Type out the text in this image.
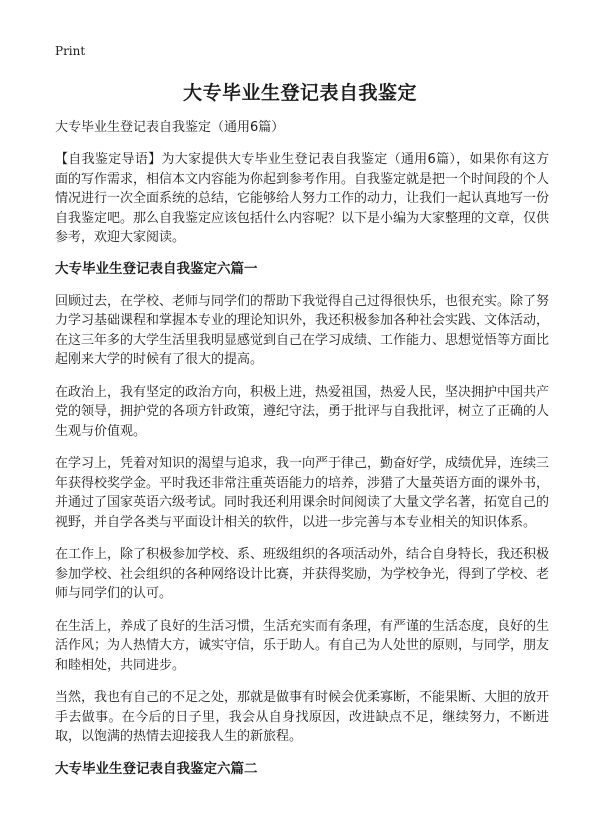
Print
大专毕业生登记表自我鉴定

大专毕业生登记表自我鉴定（通用6篇）

【自我鉴定导语】为大家提供大专毕业生登记表自我鉴定（通用6篇），如果你有这方面的写作需求，相信本文内容能为你起到参考作用。自我鉴定就是把一个时间段的个人情况进行一次全面系统的总结，它能够给人努力工作的动力，让我们一起认真地写一份自我鉴定吧。那么自我鉴定应该包括什么内容呢？以下是小编为大家整理的文章，仅供参考，欢迎大家阅读。

大专毕业生登记表自我鉴定六篇一

回顾过去，在学校、老师与同学们的帮助下我觉得自己过得很快乐，也很充实。除了努力学习基础课程和掌握本专业的理论知识外，我还积极参加各种社会实践、文体活动，在这三年多的大学生活里我明显感觉到自己在学习成绩、工作能力、思想觉悟等方面比起刚来大学的时候有了很大的提高。

在政治上，我有坚定的政治方向，积极上进，热爱祖国，热爱人民，坚决拥护中国共产党的领导，拥护党的各项方针政策，遵纪守法，勇于批评与自我批评，树立了正确的人生观与价值观。

在学习上，凭着对知识的渴望与追求，我一向严于律己，勤奋好学，成绩优异，连续三年获得校奖学金。平时我还非常注重英语能力的培养，涉猎了大量英语方面的课外书，并通过了国家英语六级考试。同时我还利用课余时间阅读了大量文学名著，拓宽自己的视野，并自学各类与平面设计相关的软件，以进一步完善与本专业相关的知识体系。

在工作上，除了积极参加学校、系、班级组织的各项活动外，结合自身特长，我还积极参加学校、社会组织的各种网络设计比赛，并获得奖励，为学校争光，得到了学校、老师与同学们的认可。

在生活上，养成了良好的生活习惯，生活充实而有条理，有严谨的生活态度，良好的生活作风；为人热情大方，诚实守信，乐于助人。有自己为人处世的原则，与同学，朋友和睦相处，共同进步。

当然，我也有自己的不足之处，那就是做事有时候会优柔寡断，不能果断、大胆的放开手去做事。在今后的日子里，我会从自身找原因，改进缺点不足，继续努力，不断进取，以饱满的热情去迎接我人生的新旅程。

大专毕业生登记表自我鉴定六篇二
